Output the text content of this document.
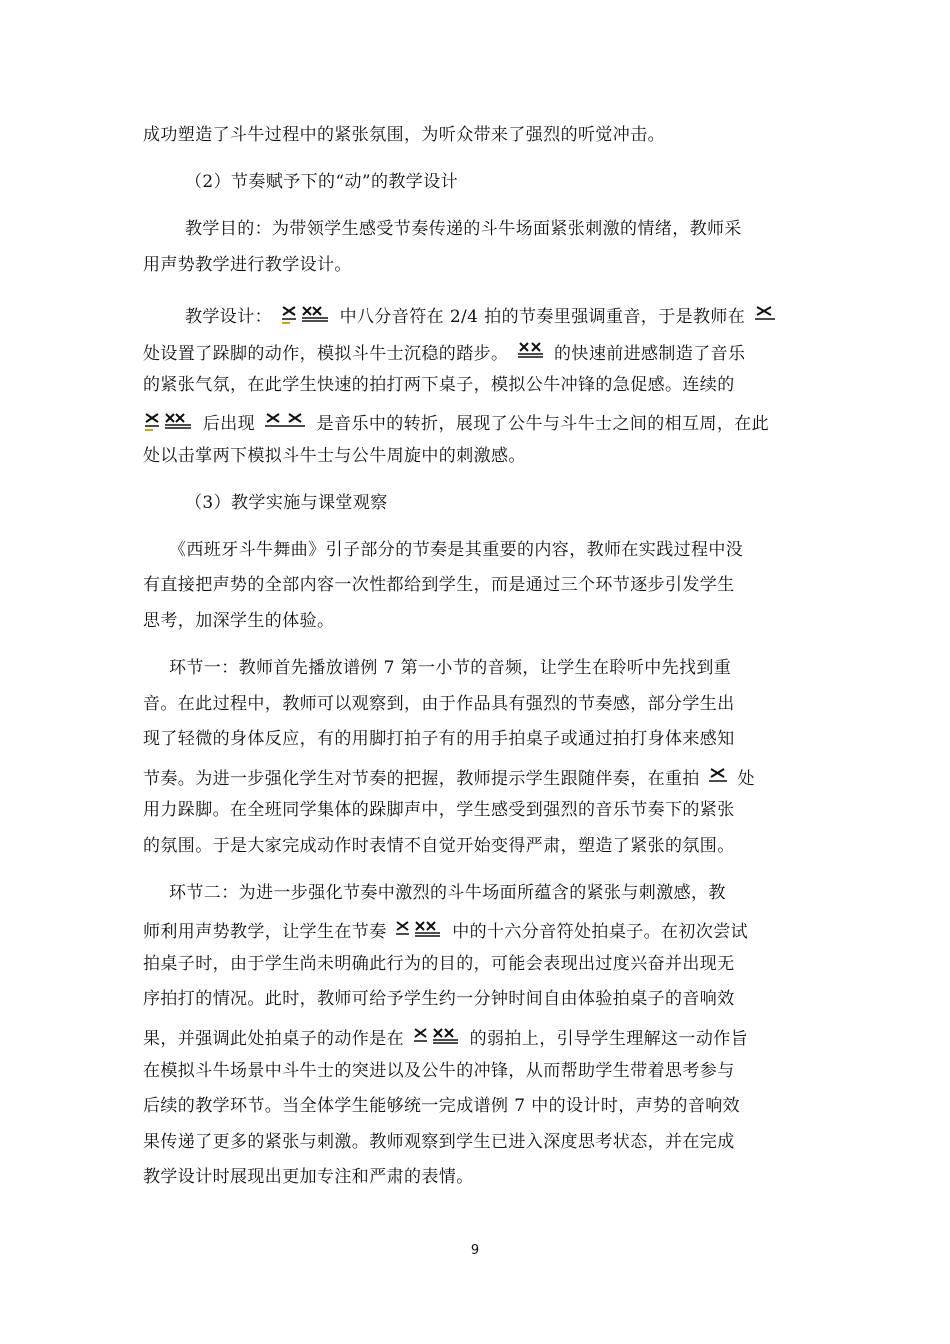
成功塑造了斗牛过程中的紧张氛围，为听众带来了强烈的听觉冲击。
（2）节奏赋予下的“动”的教学设计
教学目的：为带领学生感受节奏传递的斗牛场面紧张刺激的情绪，教师采
用声势教学进行教学设计。
教学设计：	中八分音符在 2/4 拍的节奏里强调重音，于是教师在
处设置了跺脚的动作，模拟斗牛士沉稳的踏步。	的快速前进感制造了音乐
的紧张气氛，在此学生快速的拍打两下桌子，模拟公牛冲锋的急促感。连续的
后出现	是音乐中的转折，展现了公牛与斗牛士之间的相互周，在此
处以击掌两下模拟斗牛士与公牛周旋中的刺激感。
（3）教学实施与课堂观察
《西班牙斗牛舞曲》引子部分的节奏是其重要的内容，教师在实践过程中没
有直接把声势的全部内容一次性都给到学生，而是通过三个环节逐步引发学生
思考，加深学生的体验。
环节一：教师首先播放谱例 7 第一小节的音频，让学生在聆听中先找到重
音。在此过程中，教师可以观察到，由于作品具有强烈的节奏感，部分学生出
现了轻微的身体反应，有的用脚打拍子有的用手拍桌子或通过拍打身体来感知
节奏。为进一步强化学生对节奏的把握，教师提示学生跟随伴奏，在重拍 处
用力跺脚。在全班同学集体的跺脚声中，学生感受到强烈的音乐节奏下的紧张
的氛围。于是大家完成动作时表情不自觉开始变得严肃，塑造了紧张的氛围。
环节二：为进一步强化节奏中激烈的斗牛场面所蕴含的紧张与刺激感，教
师利用声势教学，让学生在节奏	中的十六分音符处拍桌子。在初次尝试
拍桌子时，由于学生尚未明确此行为的目的，可能会表现出过度兴奋并出现无
序拍打的情况。此时，教师可给予学生约一分钟时间自由体验拍桌子的音响效
果，并强调此处拍桌子的动作是在	的弱拍上，引导学生理解这一动作旨
在模拟斗牛场景中斗牛士的突进以及公牛的冲锋，从而帮助学生带着思考参与
后续的教学环节。当全体学生能够统一完成谱例 7 中的设计时，声势的音响效
果传递了更多的紧张与刺激。教师观察到学生已进入深度思考状态，并在完成
教学设计时展现出更加专注和严肃的表情。
9
